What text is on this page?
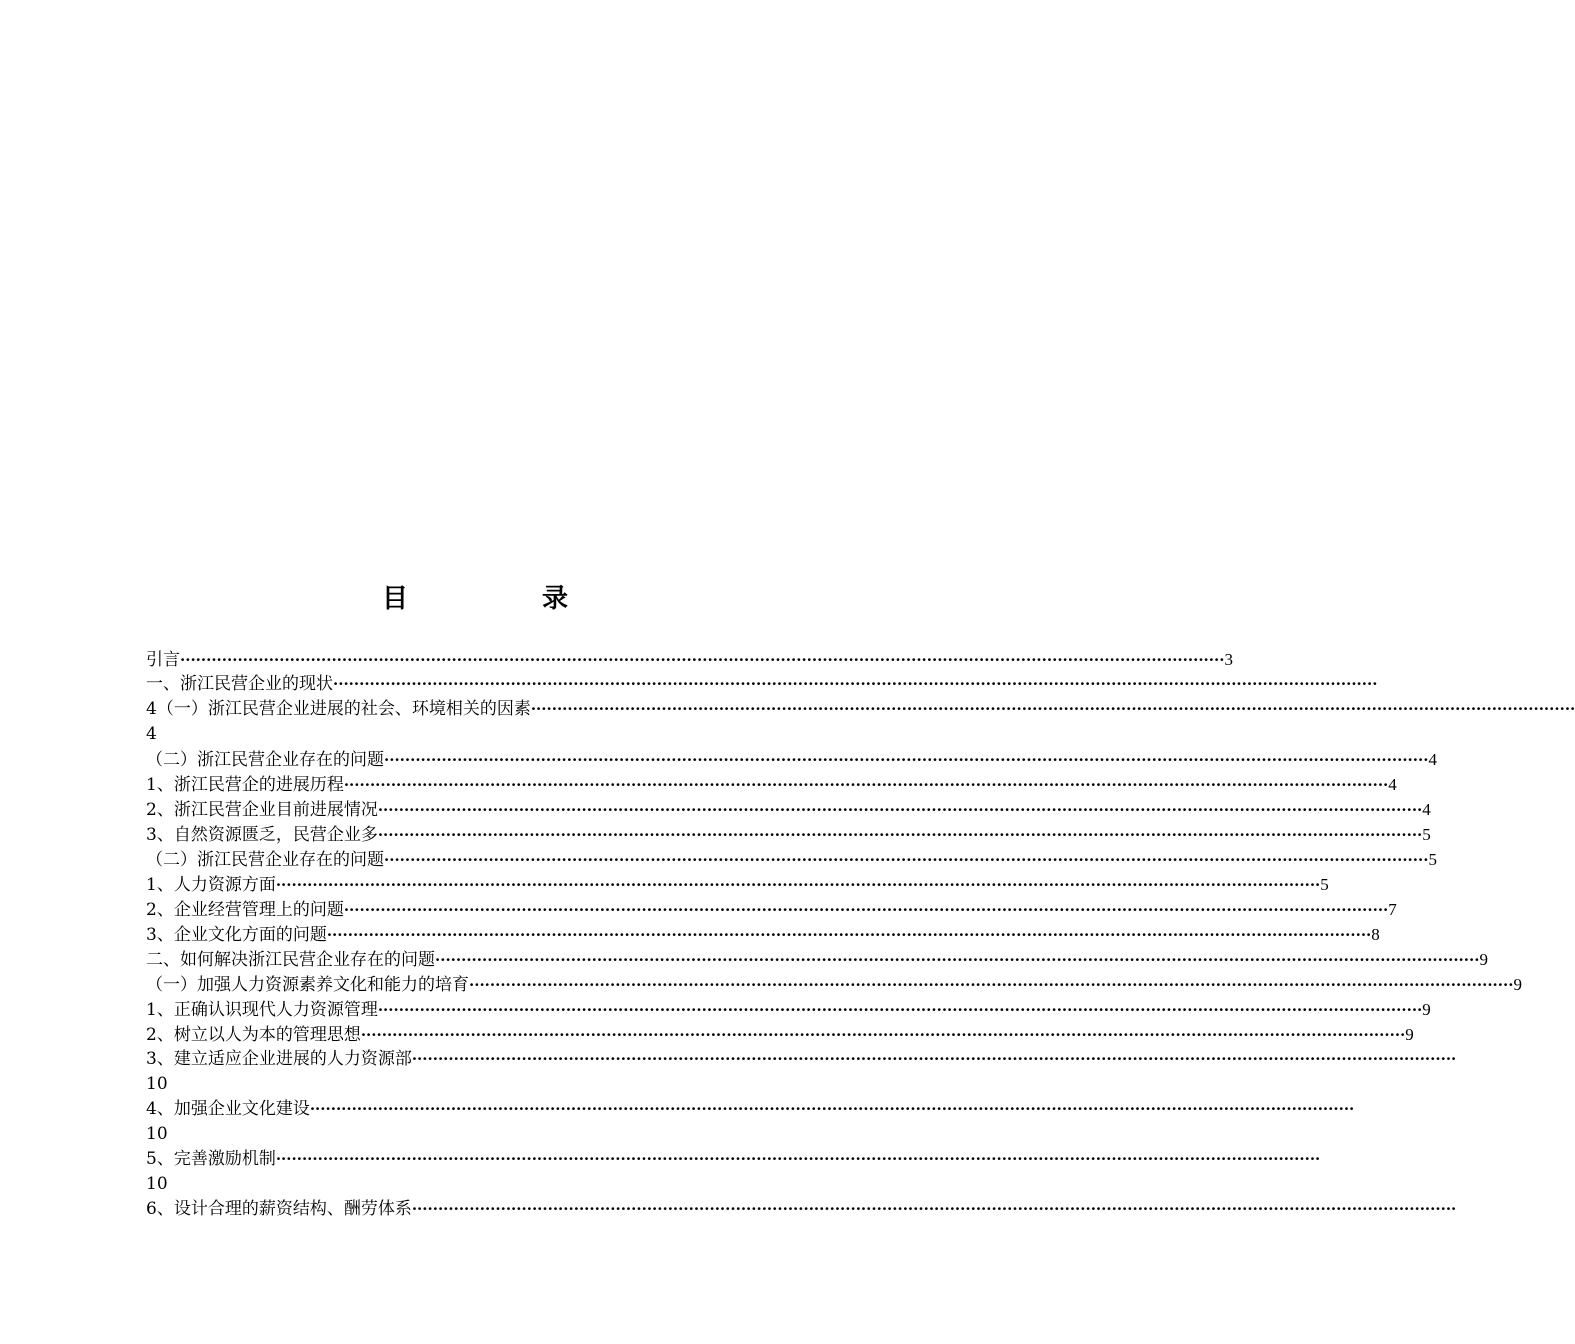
目　录
引言 ········································································································································································································ 3
一、浙江民营企业的现状 ········································································································································································································
4（一）浙江民营企业进展的社会、环境相关的因素 ········································································································································································································
4
（二）浙江民营企业存在的问题 ········································································································································································································ 4
1、浙江民营企的进展历程 ········································································································································································································ 4
2、浙江民营企业目前进展情况 ········································································································································································································ 4
3、自然资源匮乏，民营企业多 ········································································································································································································ 5
（二）浙江民营企业存在的问题 ········································································································································································································ 5
1、人力资源方面 ········································································································································································································ 5
2、企业经营管理上的问题 ········································································································································································································ 7
3、企业文化方面的问题 ········································································································································································································ 8
二、如何解决浙江民营企业存在的问题 ········································································································································································································ 9
（一）加强人力资源素养文化和能力的培育 ········································································································································································································ 9
1、正确认识现代人力资源管理 ········································································································································································································ 9
2、树立以人为本的管理思想 ········································································································································································································ 9
3、建立适应企业进展的人力资源部 ········································································································································································································
10
4、加强企业文化建设 ········································································································································································································
10
5、完善激励机制 ········································································································································································································
10
6、设计合理的薪资结构、酬劳体系 ········································································································································································································
